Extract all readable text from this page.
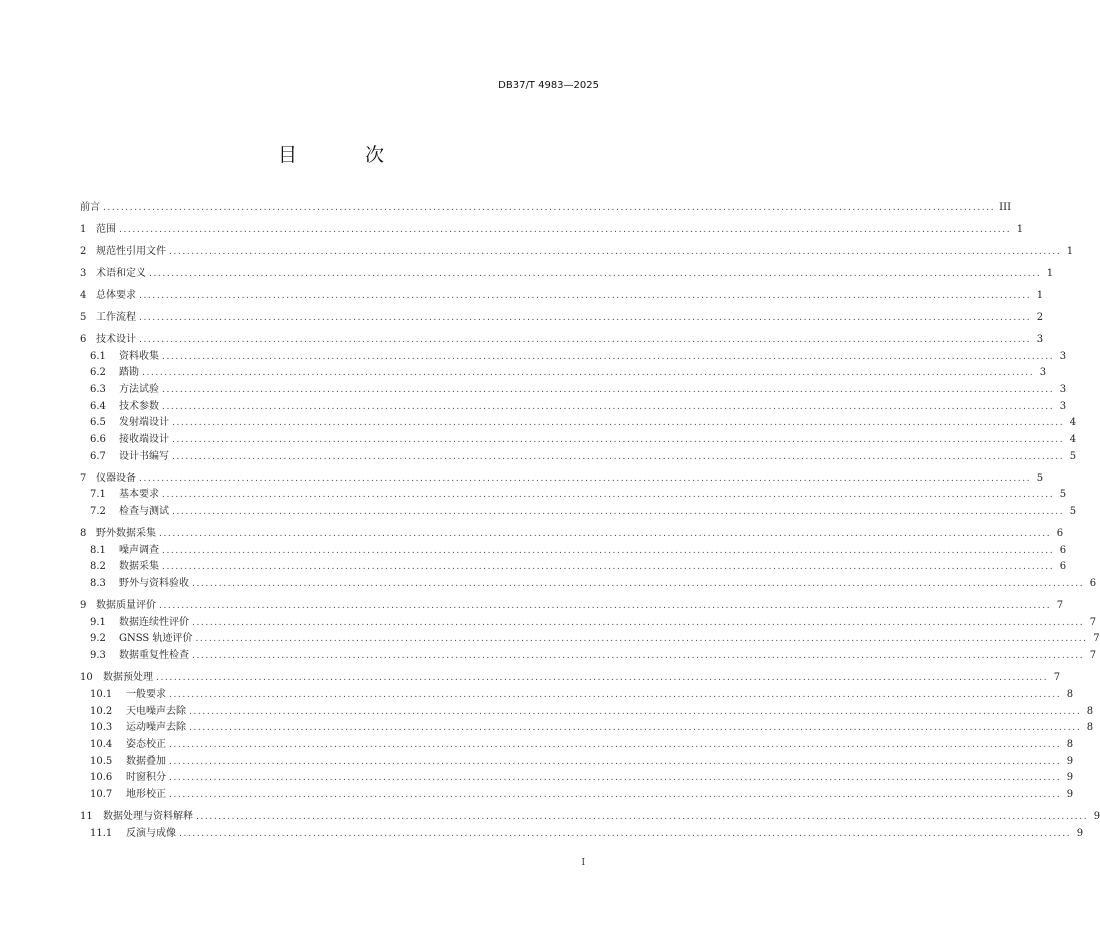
DB37/T 4983—2025
目 次
前言 ........................................................................................................................................................................................................ III
1 范围 ........................................................................................................................................................................................................ 1
2 规范性引用文件 ........................................................................................................................................................................................................ 1
3 术语和定义 ........................................................................................................................................................................................................ 1
4 总体要求 ........................................................................................................................................................................................................ 1
5 工作流程 ........................................................................................................................................................................................................ 2
6 技术设计 ........................................................................................................................................................................................................ 3
6.1	资料收集 ........................................................................................................................................................................................................ 3
6.2	踏勘 ........................................................................................................................................................................................................ 3
6.3	方法试验 ........................................................................................................................................................................................................ 3
6.4	技术参数 ........................................................................................................................................................................................................ 3
6.5	发射端设计 ........................................................................................................................................................................................................ 4
6.6	接收端设计 ........................................................................................................................................................................................................ 4
6.7	设计书编写 ........................................................................................................................................................................................................ 5
7 仪器设备 ........................................................................................................................................................................................................ 5
7.1	基本要求 ........................................................................................................................................................................................................ 5
7.2	检查与测试 ........................................................................................................................................................................................................ 5
8 野外数据采集 ........................................................................................................................................................................................................ 6
8.1	噪声调查 ........................................................................................................................................................................................................ 6
8.2	数据采集 ........................................................................................................................................................................................................ 6
8.3	野外与资料验收 ........................................................................................................................................................................................................ 6
9 数据质量评价 ........................................................................................................................................................................................................ 7
9.1	数据连续性评价 ........................................................................................................................................................................................................ 7
9.2	GNSS 轨迹评价 ........................................................................................................................................................................................................ 7
9.3	数据重复性检查 ........................................................................................................................................................................................................ 7
10	数据预处理 ........................................................................................................................................................................................................ 7
10.1	一般要求 ........................................................................................................................................................................................................ 8
10.2	天电噪声去除 ........................................................................................................................................................................................................ 8
10.3	运动噪声去除 ........................................................................................................................................................................................................ 8
10.4	姿态校正 ........................................................................................................................................................................................................ 8
10.5	数据叠加 ........................................................................................................................................................................................................ 9
10.6	时窗积分 ........................................................................................................................................................................................................ 9
10.7	地形校正 ........................................................................................................................................................................................................ 9
11	数据处理与资料解释 ........................................................................................................................................................................................................ 9
11.1	反演与成像 ........................................................................................................................................................................................................ 9
I
